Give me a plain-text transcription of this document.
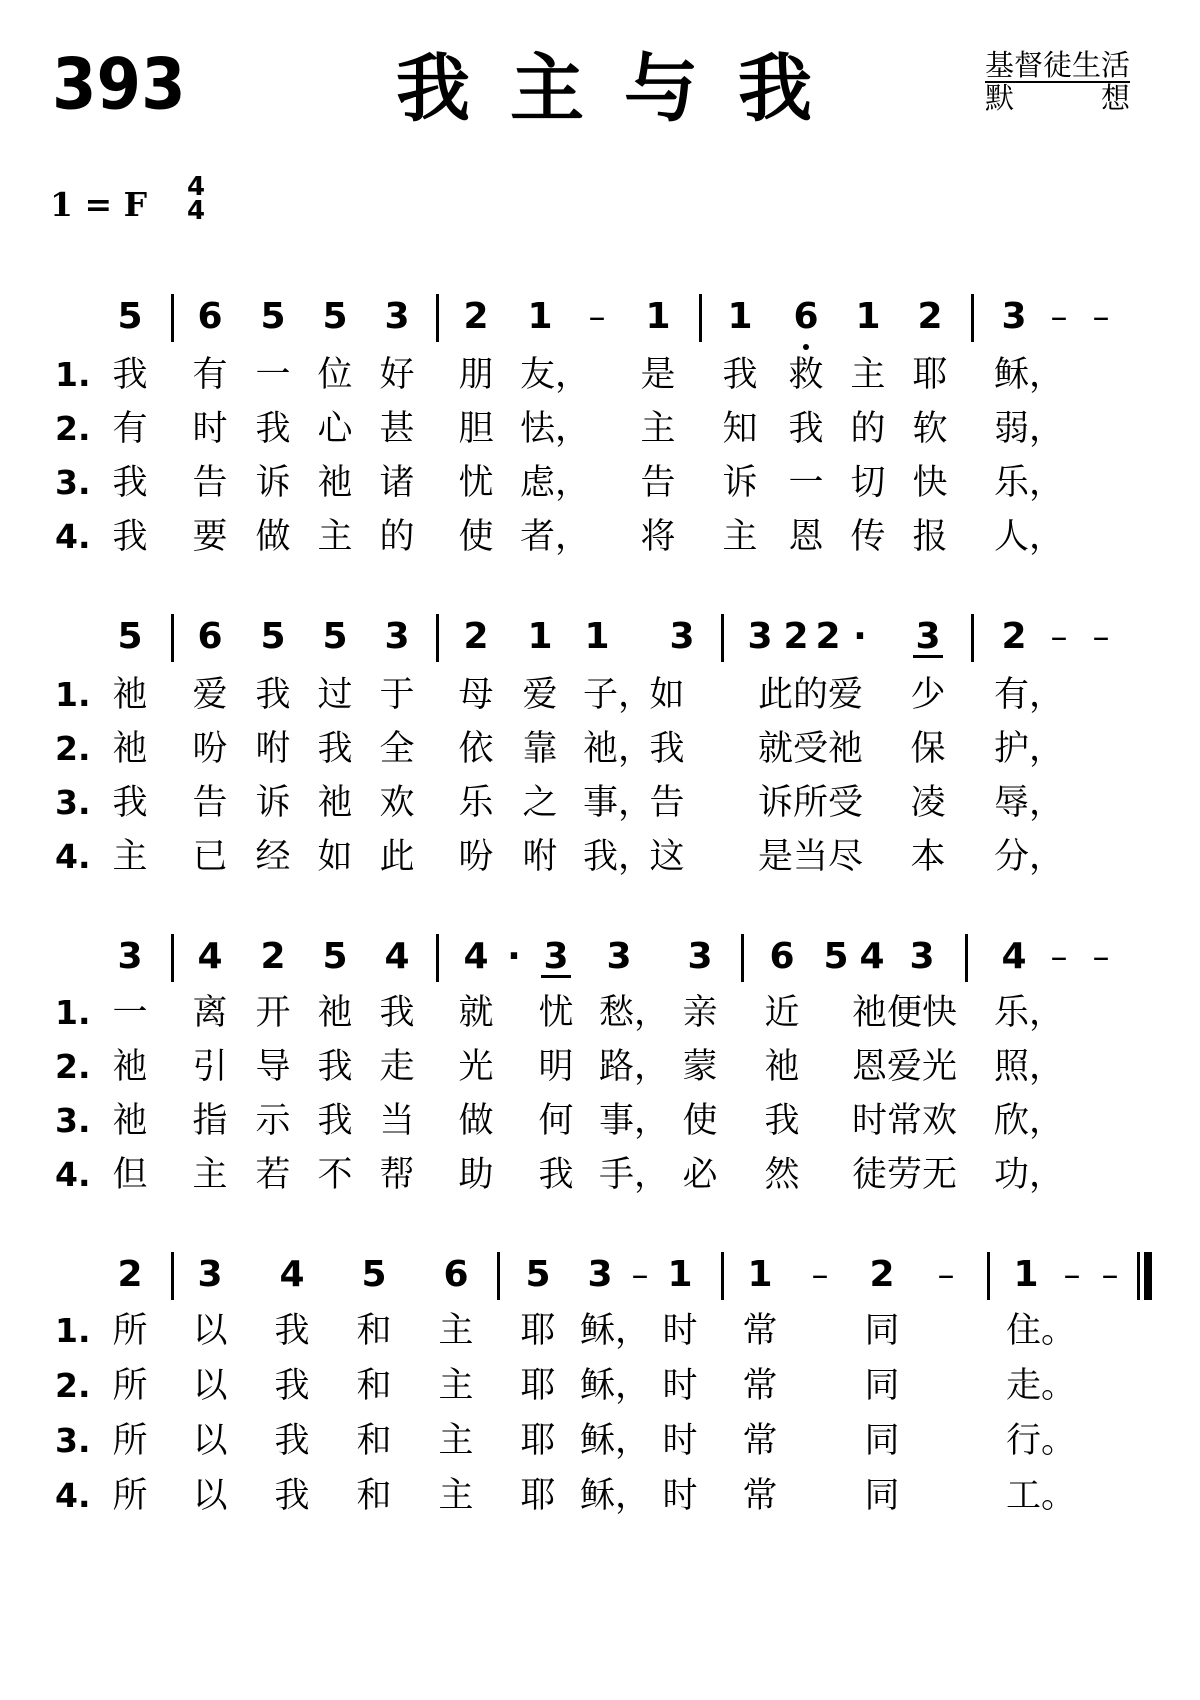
393	我主与我	基督徒生活
默	想
1 = F 4
4
5 6 5 5 3 2 1	–	1 1 6 1 2 3 – –
1. 我 有 一 位 好 朋 友， 是 我 救 主 耶 稣，
2. 有 时 我 心 甚 胆 怯， 主 知 我 的 软 弱，
3. 我 告 诉 祂 诸 忧 虑， 告 诉 一 切 快 乐，
4. 我 要 做 主 的 使 者， 将 主 恩 传 报 人，
5 6 5 5 3 2 1 1 3 3 2 2 ·	3 2 – –
1. 祂 爱 我 过 于 母 爱 子，
如 此的爱 少 有，
2. 祂 吩 咐 我 全 依 靠 祂，
我 就受祂 保 护，
3. 我 告 诉 祂 欢 乐 之 事，
告 诉所受 凌 辱，
4. 主 已 经 如 此 吩 咐 我，
这 是当尽 本 分，
3 4 2 5 4 4 · 3 3 3 6 5 4 3 4 – –
1. 一 离 开 祂 我 就 忧 愁， 亲 近 祂便快 乐，
2. 祂 引 导 我 走 光 明 路， 蒙 祂 恩爱光 照，
3. 祂 指 示 我 当 做 何 事， 使 我 时常欢 欣，
4. 但 主 若 不 帮 助 我 手， 必 然 徒劳无 功，
2 3 4 5 6 5 3 – 1 1	–	2	–	1 – –
1. 所 以 我 和 主 耶 稣， 时 常 同	住。
2. 所 以 我 和 主 耶 稣， 时 常 同	走。
3. 所 以 我 和 主 耶 稣， 时 常 同	行。
4. 所 以 我 和 主 耶 稣， 时 常 同	工。
